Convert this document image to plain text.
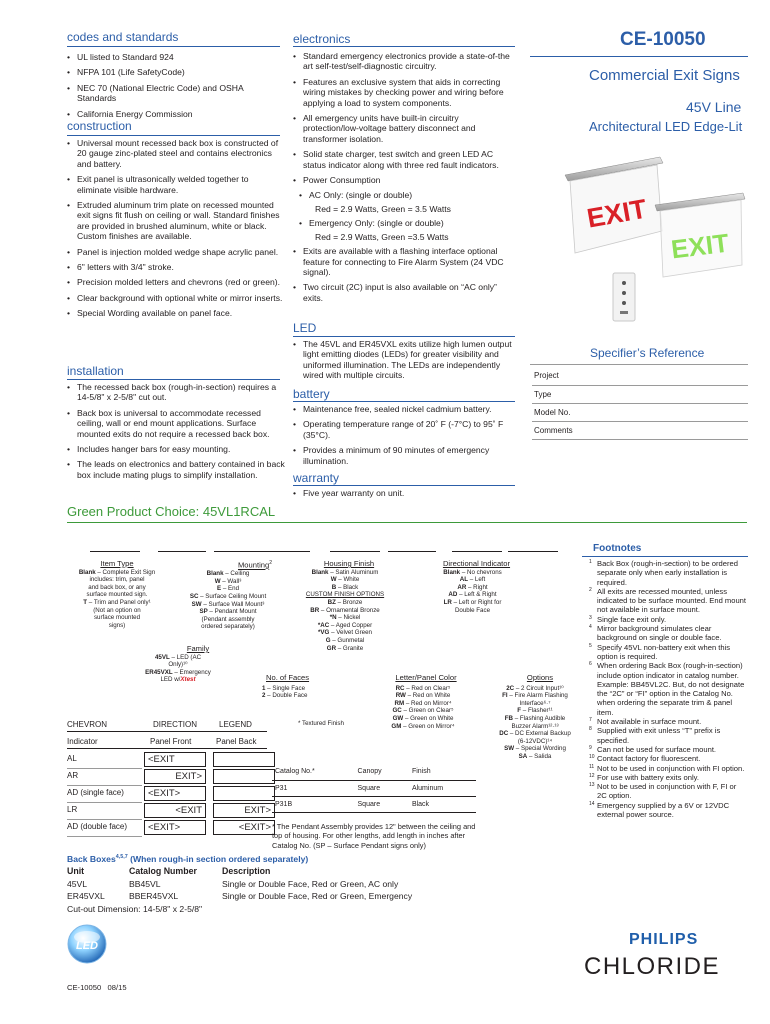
codes and standards
• UL listed to Standard 924
• NFPA 101 (Life SafetyCode)
• NEC 70 (National Electric Code) and OSHA Standards
• California Energy Commission
construction
• Universal mount recessed back box is constructed of 20 gauge zinc-plated steel and contains electronics and battery.
• Exit panel is ultrasonically welded together to eliminate visible hardware.
• Extruded aluminum trim plate on recessed mounted exit signs fit flush on ceiling or wall. Standard finishes are provided in brushed aluminum, white or black. Custom finishes are available.
• Panel is injection molded wedge shape acrylic panel.
• 6" letters with 3/4" stroke.
• Precision molded letters and chevrons (red or green).
• Clear background with optional white or mirror inserts.
• Special Wording available on panel face.
installation
• The recessed back box (rough-in-section) requires a 14-5/8" x 2-5/8" cut out.
• Back box is universal to accommodate recessed ceiling, wall or end mount applications. Surface mounted exits do not require a recessed back box.
• Includes hanger bars for easy mounting.
• The leads on electronics and battery contained in back box include mating plugs to simplify installation.
electronics
• Standard emergency electronics provide a state-of-the art self-test/self-diagnostic circuitry.
• Features an exclusive system that aids in correcting wiring mistakes by checking power and wiring before applying a load to system components.
• All emergency units have built-in circuitry protection/low-voltage battery disconnect and transformer isolation.
• Solid state charger, test switch and green LED AC status indicator along with three red fault indicators.
• Power Consumption
• AC Only: (single or double)
Red = 2.9 Watts, Green = 3.5 Watts
• Emergency Only: (single or double)
Red = 2.9 Watts, Green =3.5 Watts
• Exits are available with a flashing interface optional feature for connecting to Fire Alarm System (24 VDC signal).
• Two circuit (2C) input is also available on “AC only” exits.
LED
• The 45VL and ER45VXL exits utilize high lumen output light emitting diodes (LEDs) for greater visibility and uniformed illumination. The LEDs are independently wired with multiple circuits.
battery
• Maintenance free, sealed nickel cadmium battery.
• Operating temperature range of 20˚ F (-7°C) to 95˚ F (35°C).
• Provides a minimum of 90 minutes of emergency illumination.
warranty
• Five year warranty on unit.
CE-10050
Commercial Exit Signs
45V Line
Architectural LED Edge-Lit
EXIT
EXIT
Specifier’s Reference
Project
Type
Model No.
Comments
Green Product Choice: 45VL1RCAL
Item Type
Blank – Complete Exit Sign
includes: trim, panel
and back box, or any
surface mounted sign.
T – Trim and Panel only¹
(Not an option on
surface mounted
signs)
Mounting$^2$
Blank – Ceiling
W – Wall³
E – End
SC – Surface Ceiling Mount
SW – Surface Wall Mount³
SP – Pendant Mount
(Pendant assembly
ordered separately)
Family
45VL – LED (AC
Only)¹⁰
ER45VXL – Emergency
LED w/Xtest
Housing Finish
Blank – Satin Aluminum
W – White
B – Black
CUSTOM FINISH OPTIONS
BZ – Bronze
BR – Ornamental Bronze
*N – Nickel
*AC – Aged Copper
*VG – Velvet Green
G – Gunmetal
GR – Granite
Directional Indicator
Blank – No chevrons
AL – Left
AR – Right
AD – Left & Right
LR – Left or Right for
Double Face
No. of Faces
1 – Single Face
2 – Double Face
* Textured Finish
Letter/Panel Color
RC – Red on Clear⁵
RW – Red on White
RM – Red on Mirror⁴
GC – Green on Clear⁵
GW – Green on White
GM – Green on Mirror⁴
Options
2C – 2 Circuit Input¹⁰
FI – Fire Alarm Flashing
Interface⁶·⁷
F – Flasher¹¹
FB – Flashing Audible
Buzzer Alarm¹²·¹³
DC – DC External Backup
(6-12VDC)¹⁴
SW – Special Wording
SA – Salida
CHEVRON	DIRECTION	LEGEND
Indicator	Panel Front	Panel Back
AL	<EXIT
AR	EXIT>
AD (single face)	<EXIT>
LR	<EXIT	EXIT>
AD (double face)	<EXIT>	<EXIT>
Catalog No.*	Canopy	Finish
P31	Square	Aluminum
P31B	Square	Black
* The Pendant Assembly provides 12" between the ceiling and top of housing. For other lengths, add length in inches after Catalog No. (SP – Surface Pendant signs only)
Back Boxes$^{4,5,7}$ (When rough-in section ordered separately)
Unit	Catalog Number	Description
45VL	BB45VL	Single or Double Face, Red or Green, AC only
ER45VXL	BBER45VXL	Single or Double Face, Red or Green, Emergency
Cut-out Dimension: 14-5/8" x 2-5/8"
Footnotes
1 Back Box (rough-in-section) to be ordered separate only when early installation is required.
2 All exits are recessed mounted, unless indicated to be surface mounted. End mount not available in surface mount.
3 Single face exit only.
4 Mirror background simulates clear background on single or double face.
5 Specify 45VL non-battery exit when this option is required.
6 When ordering Back Box (rough-in-section) include option indicator in catalog number. Example: BB45VL2C. But, do not designate the “2C” or “FI” option in the Catalog No. when ordering the separate trim & panel item.
7 Not available in surface mount.
8 Supplied with exit unless “T” prefix is specified.
9 Can not be used for surface mount.
10 Contact factory for fluorescent.
11 Not to be used in conjunction with FI option.
12 For use with battery exits only.
13 Not to be used in conjunction with F, FI or 2C option.
14 Emergency supplied by a 6V or 12VDC external power source.
LED	PHILIPS
CHLORIDE
CE-10050 08/15
